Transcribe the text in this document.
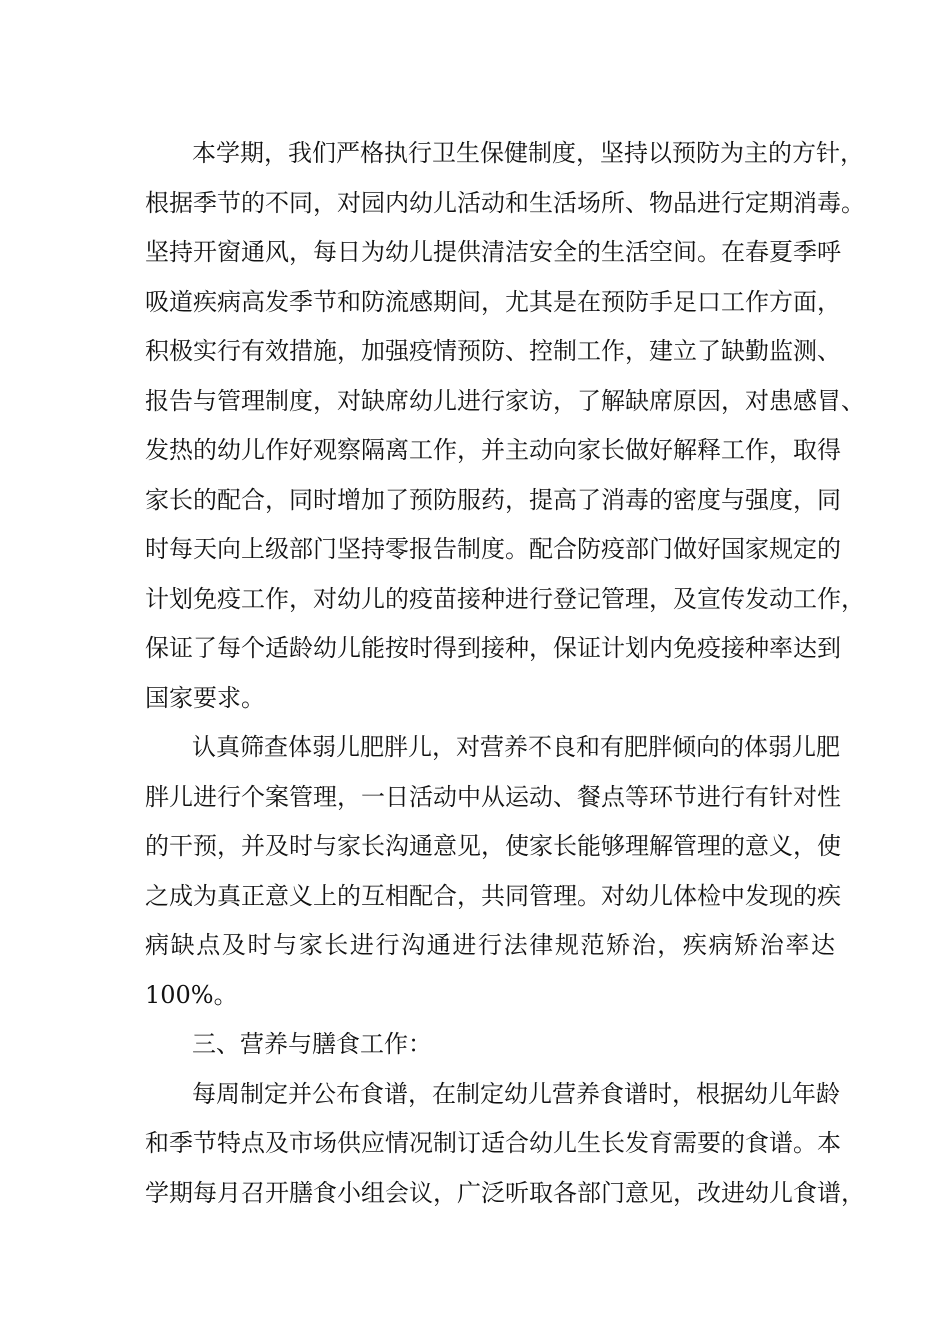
本学期，我们严格执行卫生保健制度，坚持以预防为主的方针，
根据季节的不同，对园内幼儿活动和生活场所、物品进行定期消毒。
坚持开窗通风，每日为幼儿提供清洁安全的生活空间。在春夏季呼
吸道疾病高发季节和防流感期间，尤其是在预防手足口工作方面，
积极实行有效措施，加强疫情预防、控制工作，建立了缺勤监测、
报告与管理制度，对缺席幼儿进行家访，了解缺席原因，对患感冒、
发热的幼儿作好观察隔离工作，并主动向家长做好解释工作，取得
家长的配合，同时增加了预防服药，提高了消毒的密度与强度，同
时每天向上级部门坚持零报告制度。配合防疫部门做好国家规定的
计划免疫工作，对幼儿的疫苗接种进行登记管理，及宣传发动工作，
保证了每个适龄幼儿能按时得到接种，保证计划内免疫接种率达到
国家要求。
认真筛查体弱儿肥胖儿，对营养不良和有肥胖倾向的体弱儿肥
胖儿进行个案管理，一日活动中从运动、餐点等环节进行有针对性
的干预，并及时与家长沟通意见，使家长能够理解管理的意义，使
之成为真正意义上的互相配合，共同管理。对幼儿体检中发现的疾
病缺点及时与家长进行沟通进行法律规范矫治，疾病矫治率达
100%。
三、营养与膳食工作：
每周制定并公布食谱，在制定幼儿营养食谱时，根据幼儿年龄
和季节特点及市场供应情况制订适合幼儿生长发育需要的食谱。本
学期每月召开膳食小组会议，广泛听取各部门意见，改进幼儿食谱，
